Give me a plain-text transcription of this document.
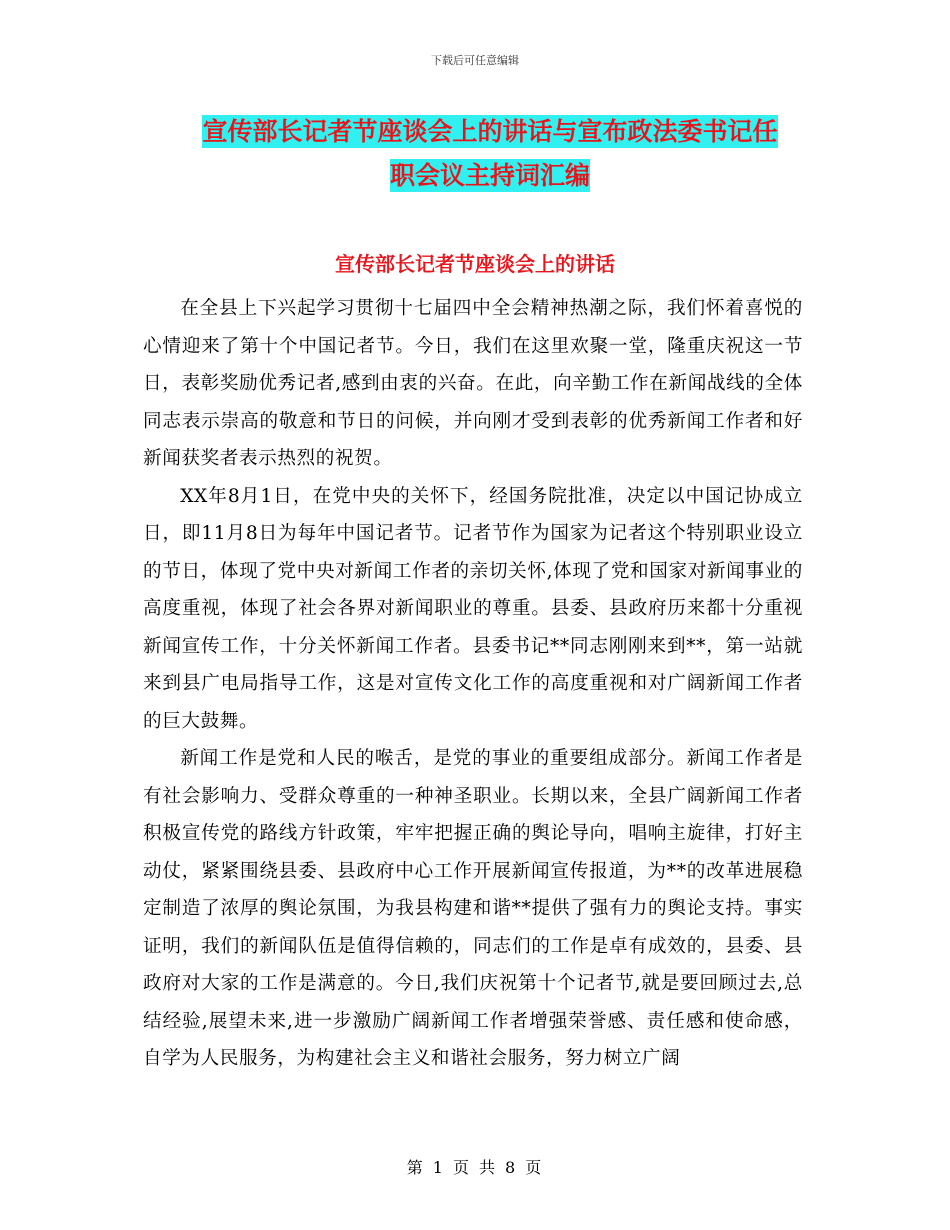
下载后可任意编辑
宣传部长记者节座谈会上的讲话与宣布政法委书记任
职会议主持词汇编
宣传部长记者节座谈会上的讲话

在全县上下兴起学习贯彻十七届四中全会精神热潮之际，我们怀着喜悦的心情迎来了第十个中国记者节。今日，我们在这里欢聚一堂，隆重庆祝这一节日，表彰奖励优秀记者,感到由衷的兴奋。在此，向辛勤工作在新闻战线的全体同志表示崇高的敬意和节日的问候，并向刚才受到表彰的优秀新闻工作者和好新闻获奖者表示热烈的祝贺。

XX年8月1日，在党中央的关怀下，经国务院批准，决定以中国记协成立日，即11月8日为每年中国记者节。记者节作为国家为记者这个特别职业设立的节日，体现了党中央对新闻工作者的亲切关怀,体现了党和国家对新闻事业的高度重视，体现了社会各界对新闻职业的尊重。县委、县政府历来都十分重视新闻宣传工作，十分关怀新闻工作者。县委书记**同志刚刚来到**，第一站就来到县广电局指导工作，这是对宣传文化工作的高度重视和对广阔新闻工作者的巨大鼓舞。

新闻工作是党和人民的喉舌，是党的事业的重要组成部分。新闻工作者是有社会影响力、受群众尊重的一种神圣职业。长期以来，全县广阔新闻工作者积极宣传党的路线方针政策，牢牢把握正确的舆论导向，唱响主旋律，打好主动仗，紧紧围绕县委、县政府中心工作开展新闻宣传报道，为**的改革进展稳定制造了浓厚的舆论氛围，为我县构建和谐**提供了强有力的舆论支持。事实证明，我们的新闻队伍是值得信赖的，同志们的工作是卓有成效的，县委、县政府对大家的工作是满意的。今日,我们庆祝第十个记者节,就是要回顾过去,总结经验,展望未来,进一步激励广阔新闻工作者增强荣誉感、责任感和使命感，自学为人民服务，为构建社会主义和谐社会服务，努力树立广阔

第 1 页 共 8 页
